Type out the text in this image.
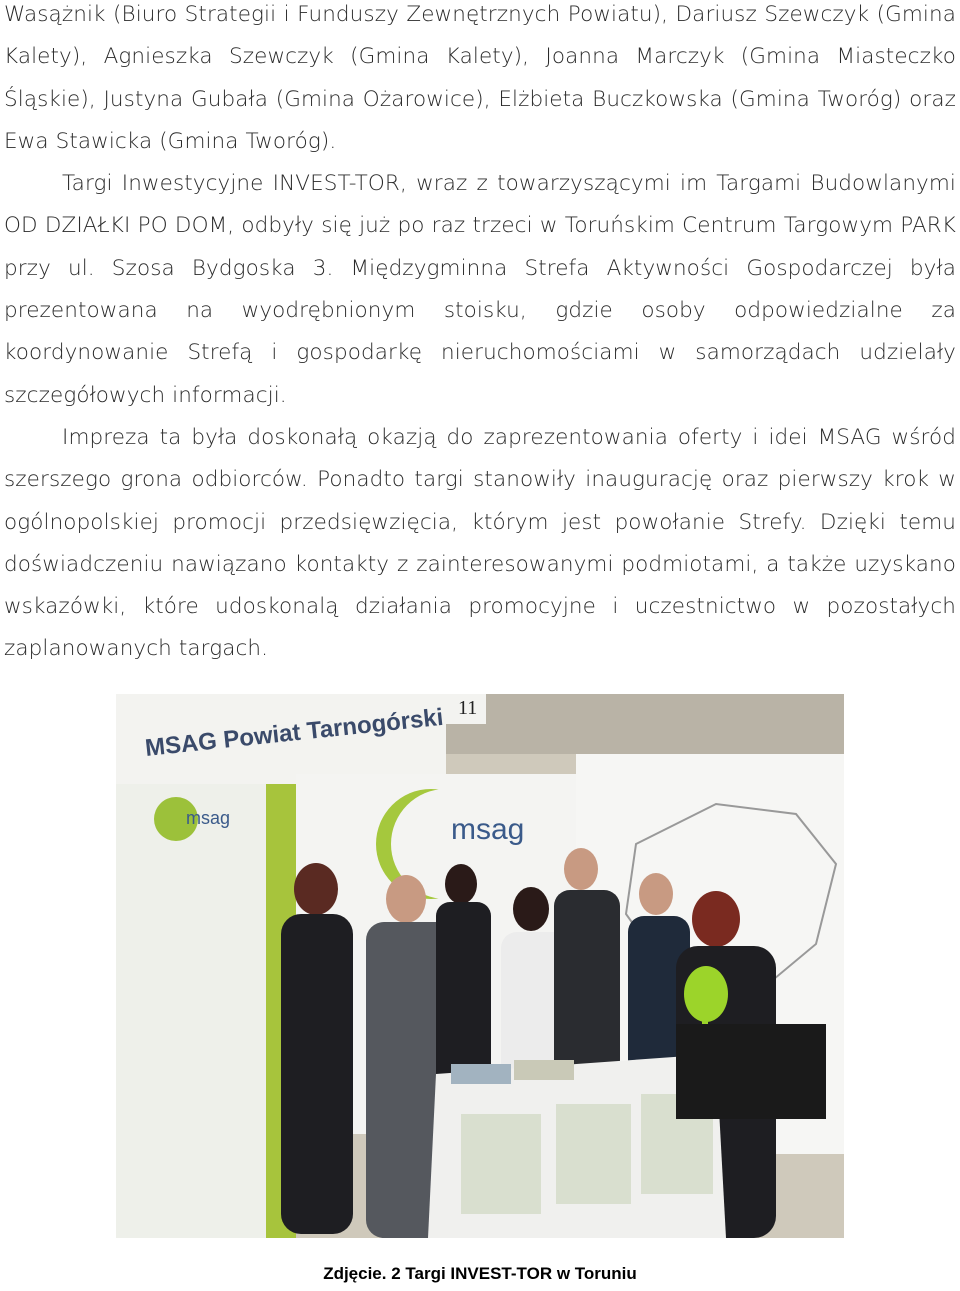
Wasążnik (Biuro Strategii i Funduszy Zewnętrznych Powiatu), Dariusz Szewczyk (Gmina Kalety), Agnieszka Szewczyk (Gmina Kalety), Joanna Marczyk (Gmina Miasteczko Śląskie), Justyna Gubała (Gmina Ożarowice), Elżbieta Buczkowska (Gmina Tworóg) oraz Ewa Stawicka (Gmina Tworóg).

Targi Inwestycyjne INVEST-TOR, wraz z towarzyszącymi im Targami Budowlanymi OD DZIAŁKI PO DOM, odbyły się już po raz trzeci w Toruńskim Centrum Targowym PARK przy ul. Szosa Bydgoska 3. Międzygminna Strefa Aktywności Gospodarczej była prezentowana na wyodrębnionym stoisku, gdzie osoby odpowiedzialne za koordynowanie Strefą i gospodarkę nieruchomościami w samorządach udzielały szczegółowych informacji.

Impreza ta była doskonałą okazją do zaprezentowania oferty i idei MSAG wśród szerszego grona odbiorców. Ponadto targi stanowiły inaugurację oraz pierwszy krok w ogólnopolskiej promocji przedsięwzięcia, którym jest powołanie Strefy. Dzięki temu doświadczeniu nawiązano kontakty z zainteresowanymi podmiotami, a także uzyskano wskazówki, które udoskonalą działania promocyjne i uczestnictwo w pozostałych zaplanowanych targach.

MSAG Powiat Tarnogórski 11
msag	msag
Zdjęcie. 2 Targi INVEST-TOR w Toruniu
